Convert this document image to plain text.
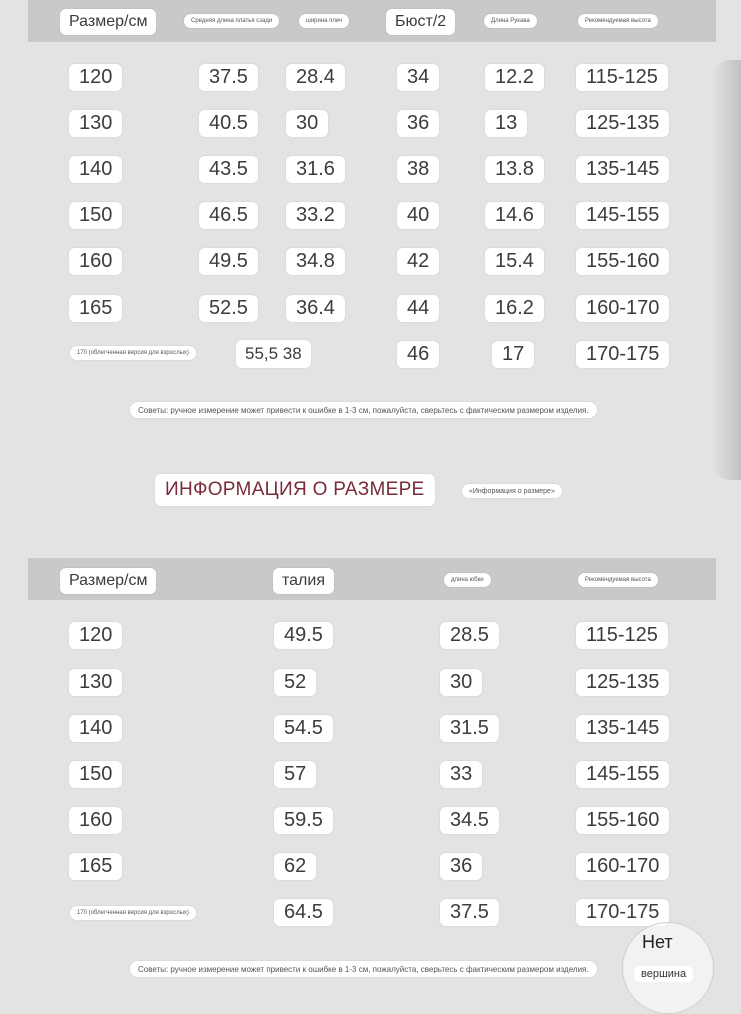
Размер/см	Средняя длина платья сзади	ширина плеч	Бюст/2	Длина Рукава	Рекомендуемая высота
120	37.5	28.4	34	12.2	115-125
130	40.5	30	36	13	125-135
140	43.5	31.6	38	13.8	135-145
150	46.5	33.2	40	14.6	145-155
160	49.5	34.8	42	15.4	155-160
165	52.5	36.4	44	16.2	160-170
170 (облегченная версия для взрослых)	55,5 38	46	17	170-175
Советы: ручное измерение может привести к ошибке в 1-3 см, пожалуйста, сверьтесь с фактическим размером изделия.
ИНФОРМАЦИЯ О РАЗМЕРЕ	«Информация о размере»
Размер/см	талия	длина юбки	Рекомендуемая высота
120	49.5	28.5	115-125
130	52	30	125-135
140	54.5	31.5	135-145
150	57	33	145-155
160	59.5	34.5	155-160
165	62	36	160-170
170 (облегченная версия для взрослых)	64.5	37.5	170-175
Советы: ручное измерение может привести к ошибке в 1-3 см, пожалуйста, сверьтесь с фактическим размером изделия.
Нет
вершина
